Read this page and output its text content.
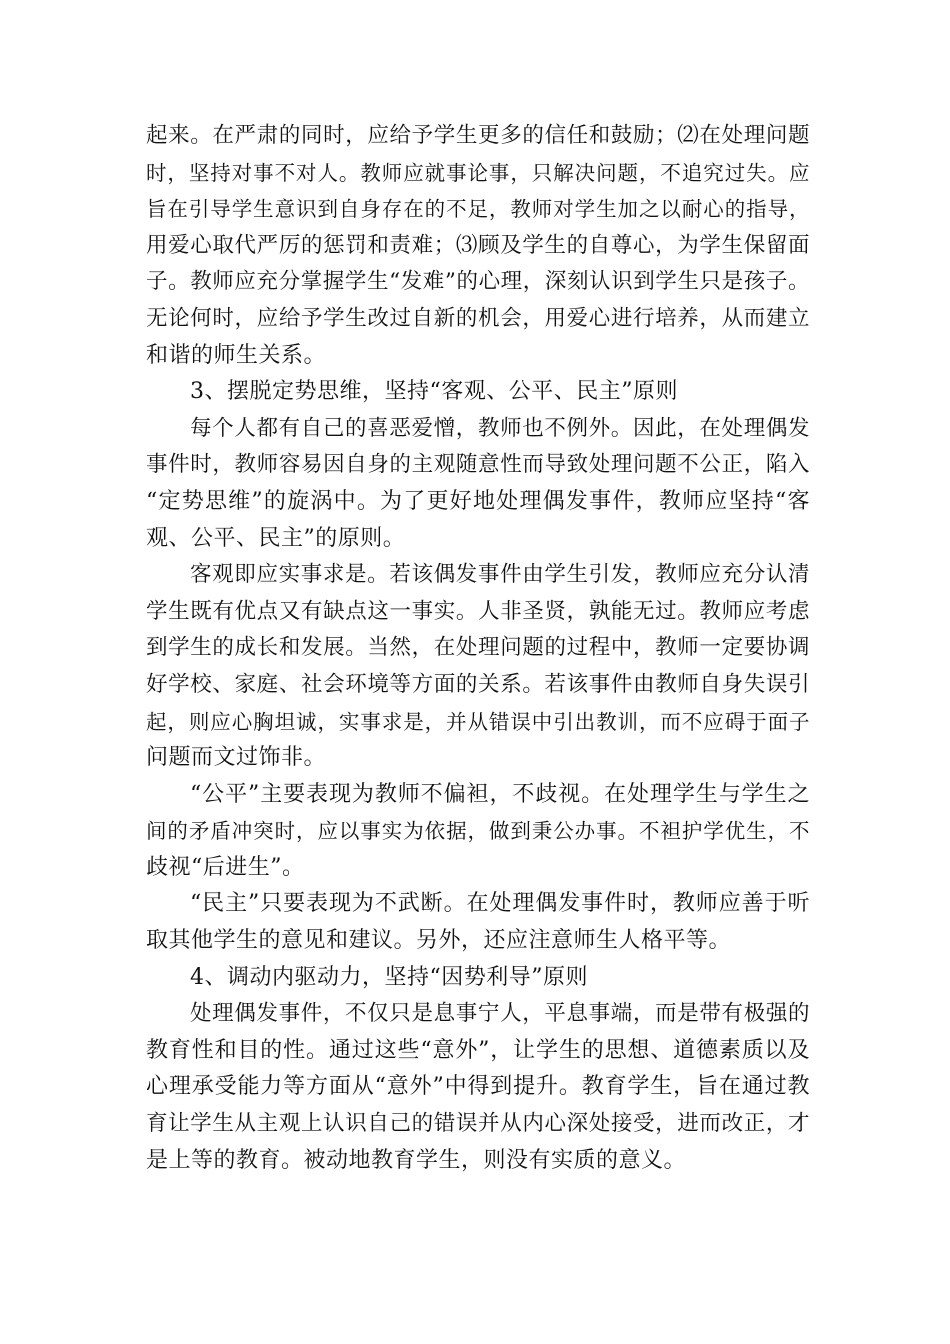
起来。在严肃的同时，应给予学生更多的信任和鼓励；⑵在处理问题
时，坚持对事不对人。教师应就事论事，只解决问题，不追究过失。应
旨在引导学生意识到自身存在的不足，教师对学生加之以耐心的指导，
用爱心取代严厉的惩罚和责难；⑶顾及学生的自尊心，为学生保留面
子。教师应充分掌握学生“发难”的心理，深刻认识到学生只是孩子。
无论何时，应给予学生改过自新的机会，用爱心进行培养，从而建立
和谐的师生关系。
3、摆脱定势思维，坚持“客观、公平、民主”原则
每个人都有自己的喜恶爱憎，教师也不例外。因此，在处理偶发
事件时，教师容易因自身的主观随意性而导致处理问题不公正，陷入
“定势思维”的旋涡中。为了更好地处理偶发事件，教师应坚持“客
观、公平、民主”的原则。
客观即应实事求是。若该偶发事件由学生引发，教师应充分认清
学生既有优点又有缺点这一事实。人非圣贤，孰能无过。教师应考虑
到学生的成长和发展。当然，在处理问题的过程中，教师一定要协调
好学校、家庭、社会环境等方面的关系。若该事件由教师自身失误引
起，则应心胸坦诚，实事求是，并从错误中引出教训，而不应碍于面子
问题而文过饰非。
“公平”主要表现为教师不偏袒，不歧视。在处理学生与学生之
间的矛盾冲突时，应以事实为依据，做到秉公办事。不袒护学优生，不
歧视“后进生”。
“民主”只要表现为不武断。在处理偶发事件时，教师应善于听
取其他学生的意见和建议。另外，还应注意师生人格平等。
4、调动内驱动力，坚持“因势利导”原则
处理偶发事件，不仅只是息事宁人，平息事端，而是带有极强的
教育性和目的性。通过这些“意外”，让学生的思想、道德素质以及
心理承受能力等方面从“意外”中得到提升。教育学生，旨在通过教
育让学生从主观上认识自己的错误并从内心深处接受，进而改正，才
是上等的教育。被动地教育学生，则没有实质的意义。
